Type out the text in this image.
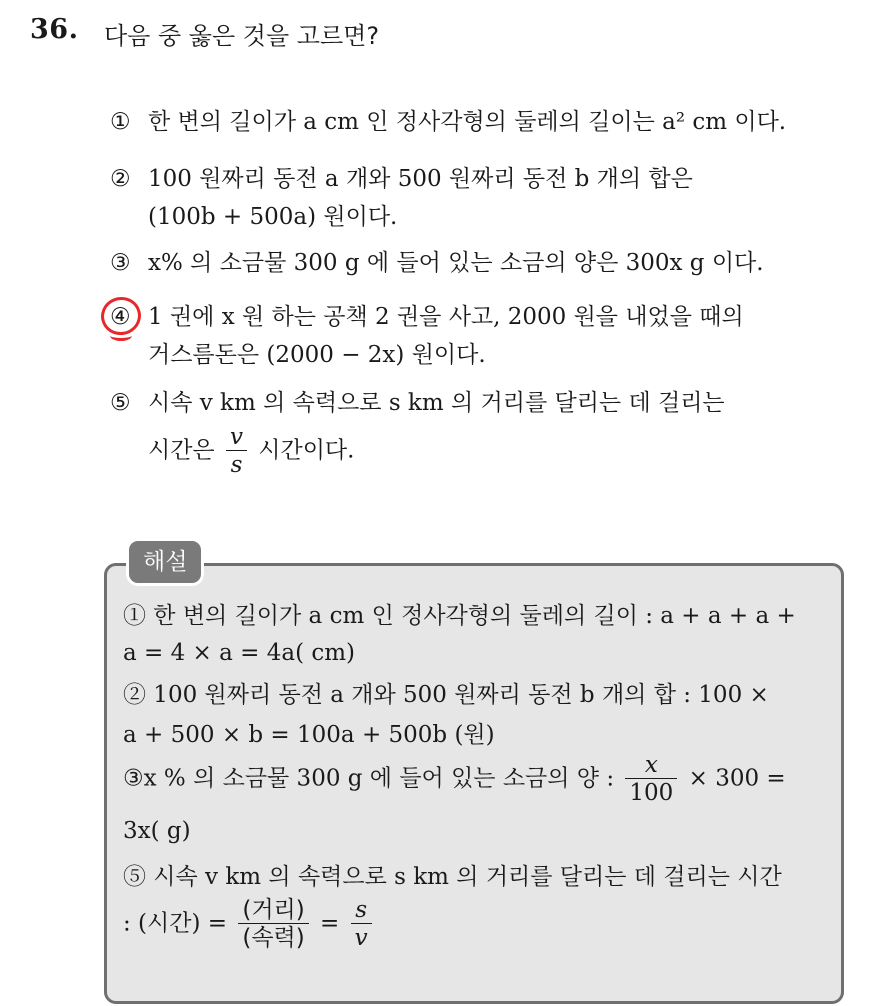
36. 다음 중 옳은 것을 고르면?
① 한 변의 길이가 a cm 인 정사각형의 둘레의 길이는 a² cm 이다.
② 100 원짜리 동전 a 개와 500 원짜리 동전 b 개의 합은
(100b + 500a) 원이다.
③ x% 의 소금물 300 g 에 들어 있는 소금의 양은 300x g 이다.
④ 1 권에 x 원 하는 공책 2 권을 사고, 2000 원을 내었을 때의
거스름돈은 (2000 − 2x) 원이다.
⑤ 시속 v km 의 속력으로 s km 의 거리를 달리는 데 걸리는
시간은 $\frac{v}{s}$ 시간이다.
해설
① 한 변의 길이가 a cm 인 정사각형의 둘레의 길이 : a + a + a +
a = 4 × a = 4a( cm)
② 100 원짜리 동전 a 개와 500 원짜리 동전 b 개의 합 : 100 ×
a + 500 × b = 100a + 500b (원)
③x % 의 소금물 300 g 에 들어 있는 소금의 양 : $\frac{x}{100} \times 300$ =
3x( g)
⑤ 시속 v km 의 속력으로 s km 의 거리를 달리는 데 걸리는 시간
: (시간) = $\frac{\text{(거리)}}{\text{(속력)}} = \frac{s}{v}$
